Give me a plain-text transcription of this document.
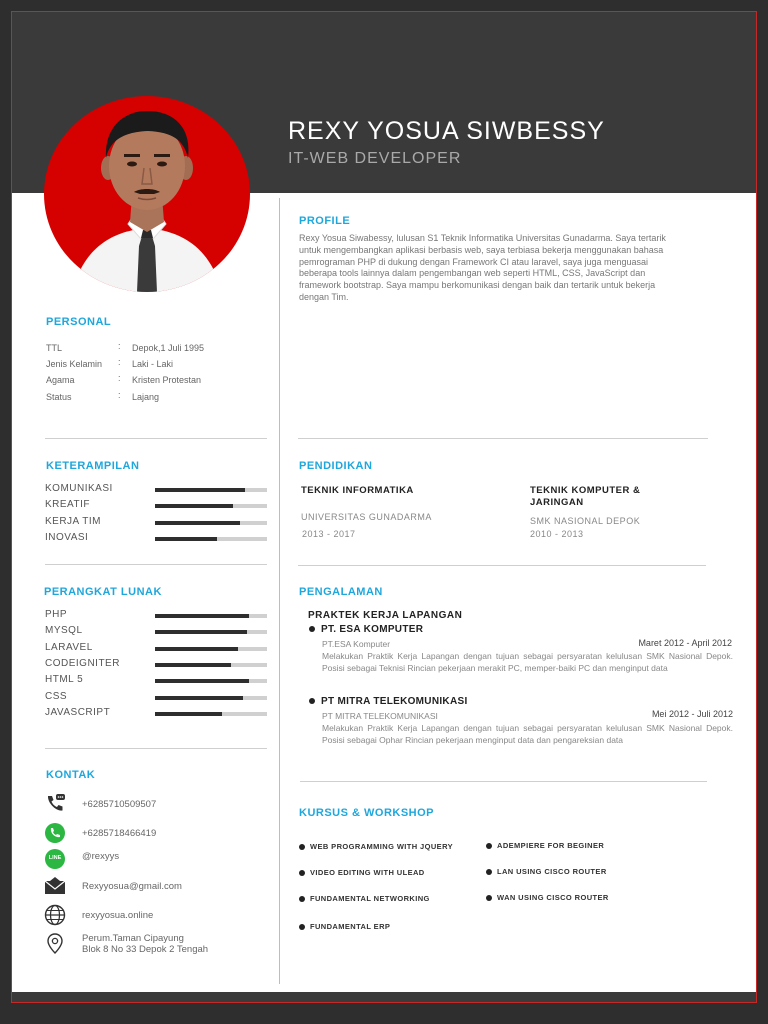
REXY YOSUA SIWBESSY
IT-WEB DEVELOPER
PROFILE
Rexy Yosua Siwabessy, lulusan S1 Teknik Informatika Universitas Gunadarma. Saya tertarik untuk mengembangkan aplikasi berbasis web, saya terbiasa bekerja menggunakan bahasa pemrograman PHP di dukung dengan Framework CI atau laravel, saya juga menguasai beberapa tools lainnya dalam pengembangan web seperti HTML, CSS, JavaScript dan framework bootstrap. Saya mampu berkomunikasi dengan baik dan tertarik untuk bekerja dengan Tim.
PERSONAL
TTL	: Depok,1 Juli 1995
Jenis Kelamin : Laki - Laki
Agama	: Kristen Protestan
Status	: Lajang
KETERAMPILAN
KOMUNIKASI
KREATIF
KERJA TIM
INOVASI
PERANGKAT LUNAK
PHP
MYSQL
LARAVEL
CODEIGNITER
HTML 5
CSS
JAVASCRIPT
KONTAK
+6285710509507
+6285718466419
LINE @rexyys
Rexyyosua@gmail.com
rexyyosua.online
Perum.Taman Cipayung
Blok 8 No 33 Depok 2 Tengah
PENDIDIKAN
TEKNIK INFORMATIKA
UNIVERSITAS GUNADARMA
2013 - 2017
TEKNIK KOMPUTER &
JARINGAN
SMK NASIONAL DEPOK
2010 - 2013
PENGALAMAN
PRAKTEK KERJA LAPANGAN
PT. ESA KOMPUTER
PT.ESA Komputer	Maret 2012 - April 2012
Melakukan Praktik Kerja Lapangan dengan tujuan sebagai persyaratan kelulusan SMK Nasional Depok. Posisi sebagai Teknisi Rincian pekerjaan merakit PC, memper-baiki PC dan menginput data
PT MITRA TELEKOMUNIKASI
PT MITRA TELEKOMUNIKASI	Mei 2012 - Juli 2012
Melakukan Praktik Kerja Lapangan dengan tujuan sebagai persyaratan kelulusan SMK Nasional Depok. Posisi sebagai Ophar Rincian pekerjaan menginput data dan pengareksian data
KURSUS & WORKSHOP
WEB PROGRAMMING WITH JQUERY	ADEMPIERE FOR BEGINER
VIDEO EDITING WITH ULEAD	LAN USING CISCO ROUTER
FUNDAMENTAL NETWORKING	WAN USING CISCO ROUTER
FUNDAMENTAL ERP
